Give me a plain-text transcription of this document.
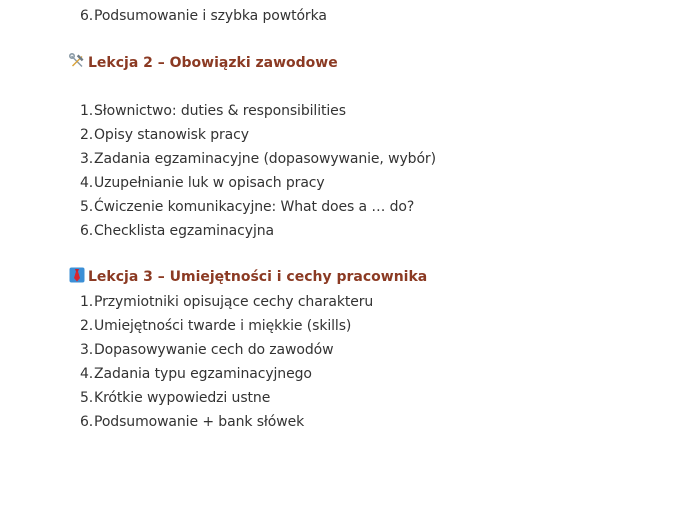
6.Podsumowanie i szybka powtórka
Lekcja 2 – Obowiązki zawodowe
1.Słownictwo: duties & responsibilities
2.Opisy stanowisk pracy
3.Zadania egzaminacyjne (dopasowywanie, wybór)
4.Uzupełnianie luk w opisach pracy
5.Ćwiczenie komunikacyjne: What does a … do?
6.Checklista egzaminacyjna
Lekcja 3 – Umiejętności i cechy pracownika
1.Przymiotniki opisujące cechy charakteru
2.Umiejętności twarde i miękkie (skills)
3.Dopasowywanie cech do zawodów
4.Zadania typu egzaminacyjnego
5.Krótkie wypowiedzi ustne
6.Podsumowanie + bank słówek
